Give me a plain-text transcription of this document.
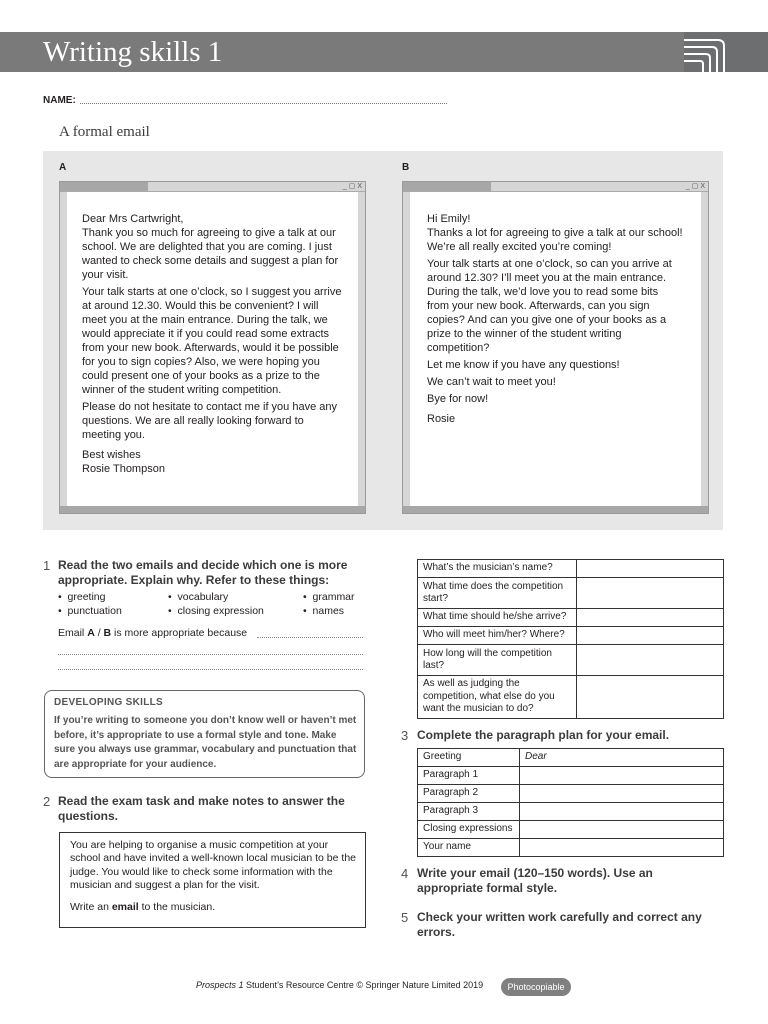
Writing skills 1
NAME:
A formal email
A	B
_ ▢ X

Dear Mrs Cartwright,

Thank you so much for agreeing to give a talk at our school. We are delighted that you are coming. I just wanted to check some details and suggest a plan for your visit.

Your talk starts at one o’clock, so I suggest you arrive at around 12.30. Would this be convenient? I will meet you at the main entrance. During the talk, we would appreciate it if you could read some extracts from your new book. Afterwards, would it be possible for you to sign copies? Also, we were hoping you could present one of your books as a prize to the winner of the student writing competition.

Please do not hesitate to contact me if you have any questions. We are all really looking forward to meeting you.

Best wishes
Rosie Thompson
_ ▢ X

Hi Emily!

Thanks a lot for agreeing to give a talk at our school! We’re all really excited you’re coming!

Your talk starts at one o’clock, so can you arrive at around 12.30? I’ll meet you at the main entrance. During the talk, we’d love you to read some bits from your new book. Afterwards, can you sign copies? And can you give one of your books as a prize to the winner of the student writing competition?

Let me know if you have any questions!

We can’t wait to meet you!

Bye for now!

Rosie

1 Read the two emails and decide which one is more appropriate. Explain why. Refer to these things:
•  greeting	•  vocabulary	•  grammar
•  punctuation	•  closing expression	•  names
Email A / B is more appropriate because
DEVELOPING SKILLS
If you’re writing to someone you don’t know well or haven’t met before, it’s appropriate to use a formal style and tone. Make sure you always use grammar, vocabulary and punctuation that are appropriate for your audience.
2 Read the exam task and make notes to answer the questions.
You are helping to organise a music competition at your school and have invited a well-known local musician to be the judge. You would like to check some information with the musician and suggest a plan for the visit.
Write an email to the musician.
What’s the musician’s name?	
What time does the competition start?	
What time should he/she arrive?	
Who will meet him/her? Where?	
How long will the competition last?	
As well as judging the competition, what else do you want the musician to do?	
3 Complete the paragraph plan for your email.
Greeting	Dear
Paragraph 1	
Paragraph 2	
Paragraph 3	
Closing expressions	
Your name	
4 Write your email (120–150 words). Use an appropriate formal style.
5 Check your written work carefully and correct any errors.
Prospects 1 Student’s Resource Centre © Springer Nature Limited 2019	Photocopiable
